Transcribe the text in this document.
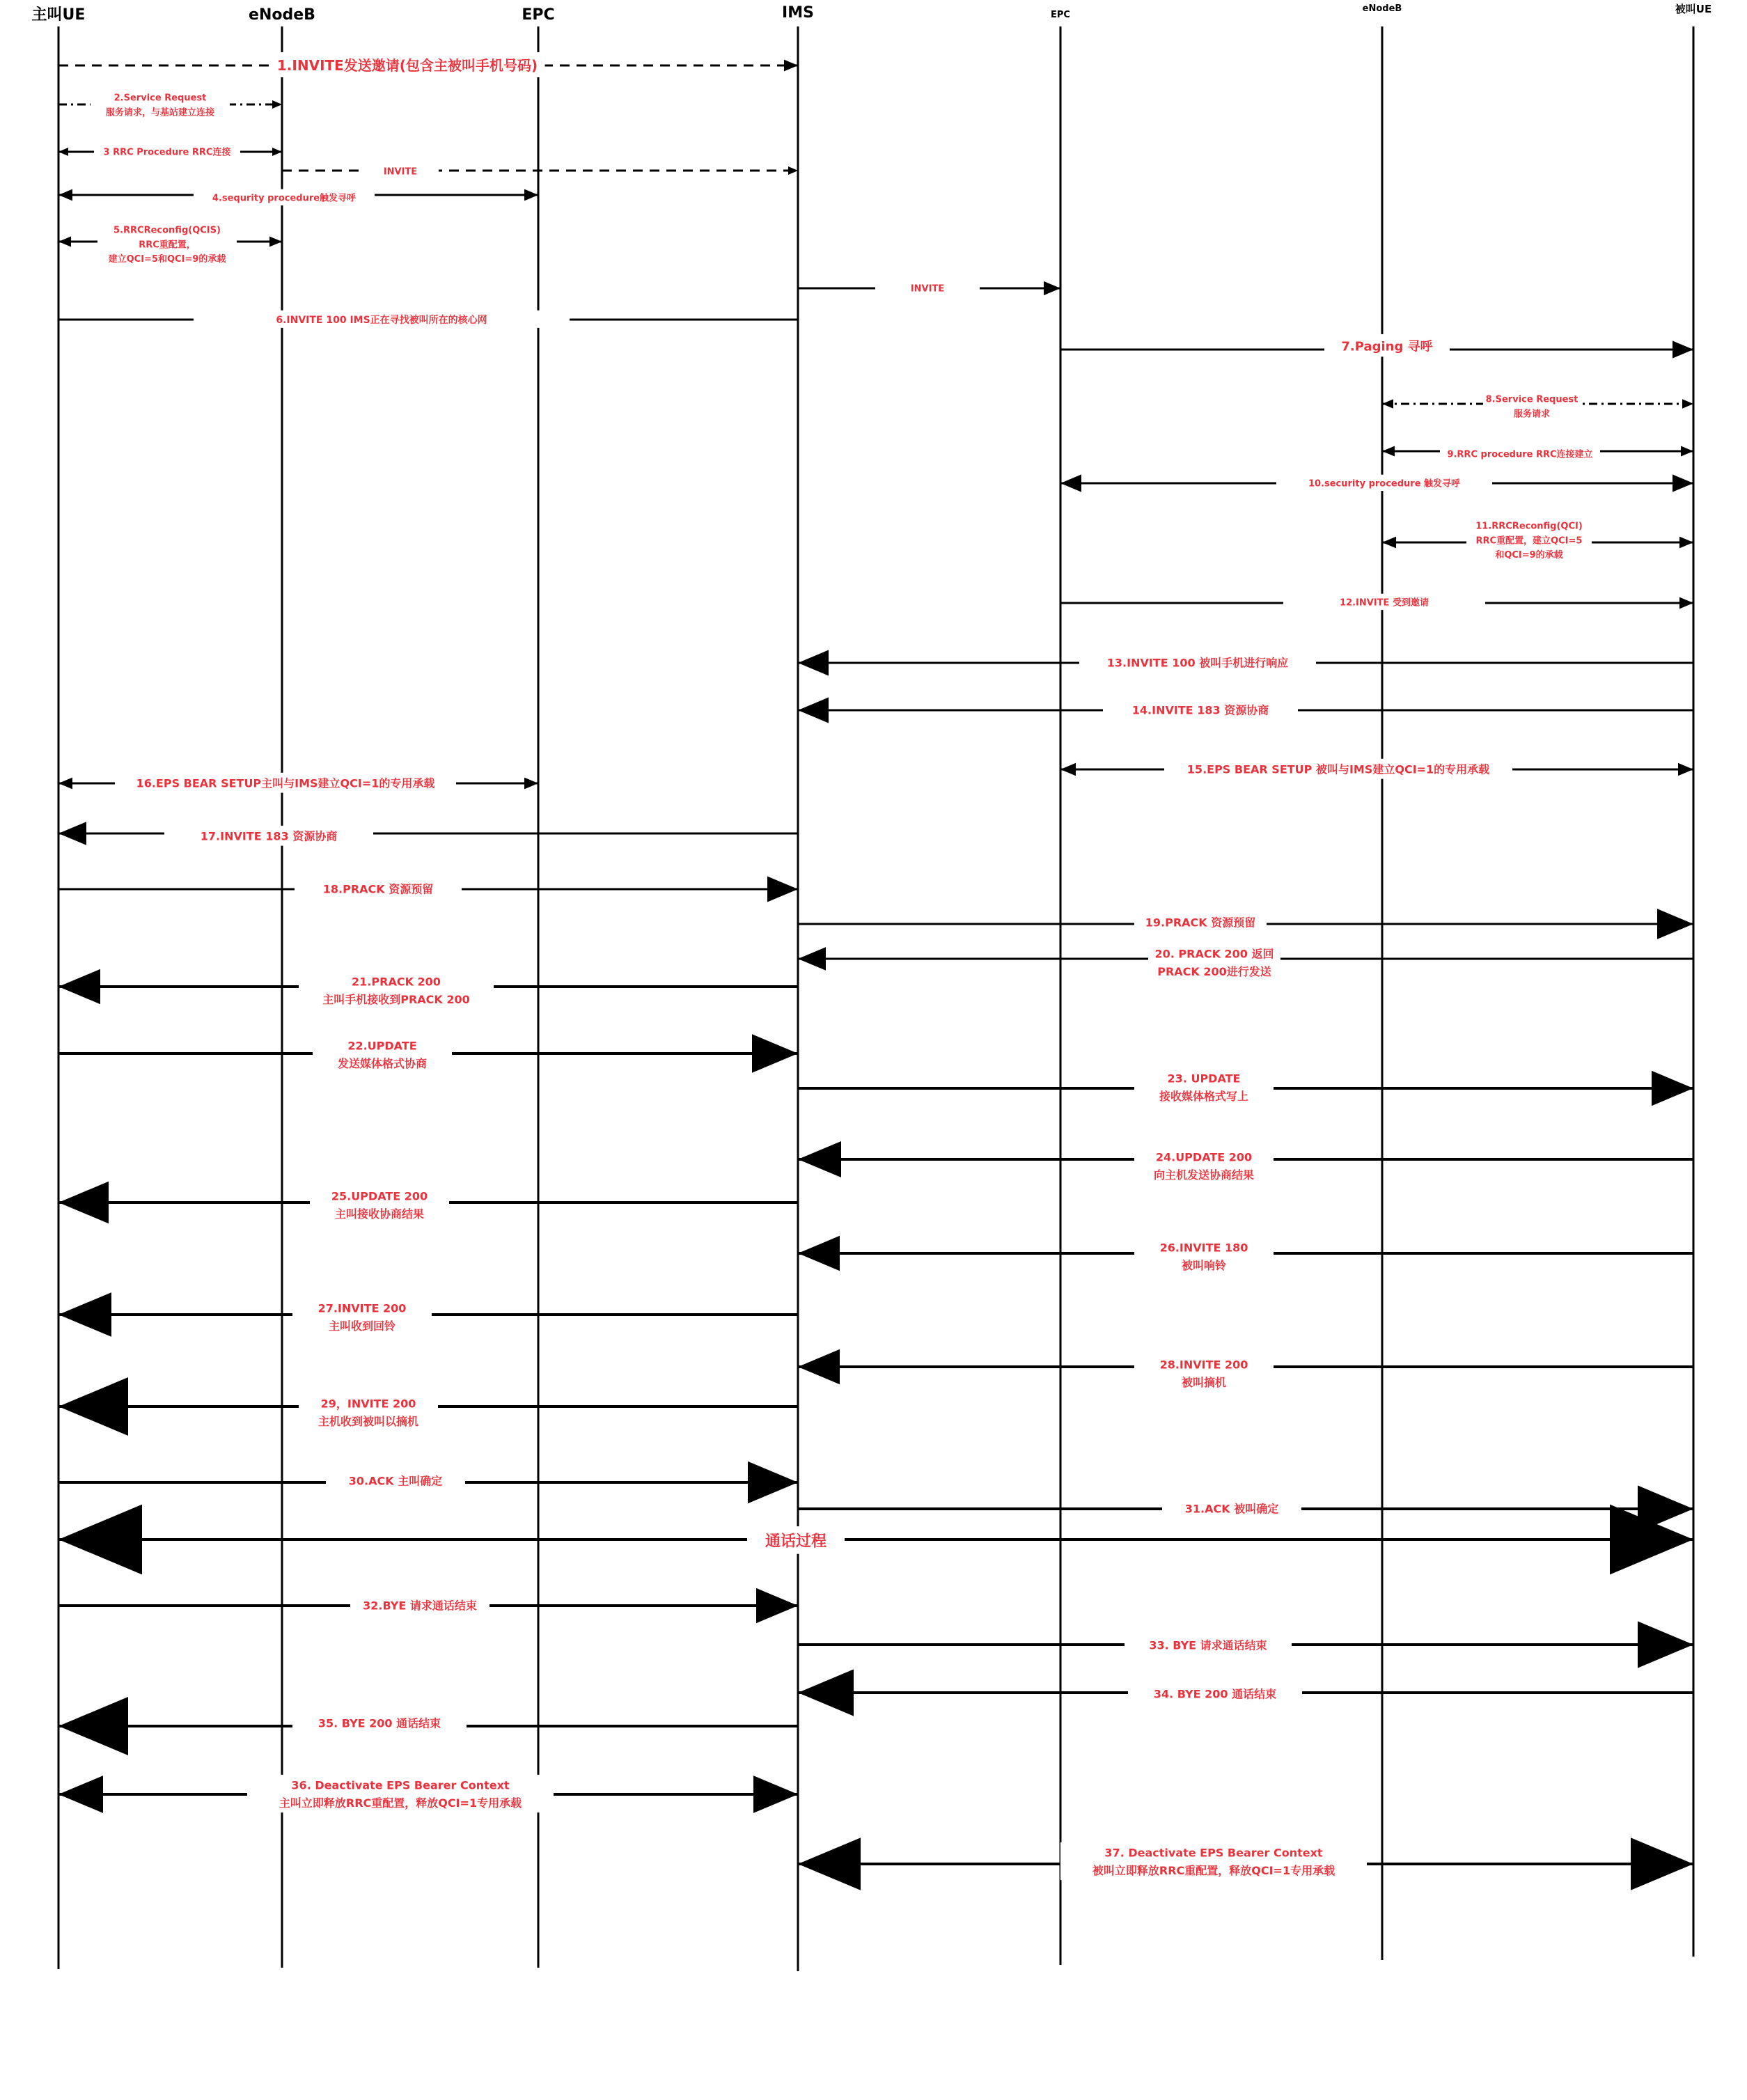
主叫UE	eNodeB	EPC	IMS	EPC
eNodeB	被叫UE
1.INVITE发送邀请(包含主被叫手机号码)
2.Service Request 服务请求，与基站建立连接
3 RRC Procedure RRC连接
INVITE
4.sequrity procedure触发寻呼
5.RRCReconfig(QCIS) RRC重配置，建立QCI=5和QCI=9的承载
INVITE
6.INVITE 100 IMS正在寻找被叫所在的核心网
7.Paging 寻呼
8.Service Request 服务请求
9.RRC procedure RRC连接建立
10.security procedure 触发寻呼
11.RRCReconfig(QCI) RRC重配置，建立QCI=5 和QCI=9的承载
12.INVITE 受到邀请
13.INVITE 100 被叫手机进行响应
14.INVITE 183 资源协商
16.EPS BEAR SETUP主叫与IMS建立QCI=1的专用承载
15.EPS BEAR SETUP 被叫与IMS建立QCI=1的专用承载
17.INVITE 183 资源协商
18.PRACK 资源预留
19.PRACK 资源预留
20. PRACK 200 返回 PRACK 200进行发送
21.PRACK 200 主叫手机接收到PRACK 200
22.UPDATE 发送媒体格式协商
23. UPDATE 接收媒体格式写上
24.UPDATE 200 向主机发送协商结果
25.UPDATE 200 主叫接收协商结果
26.INVITE 180 被叫响铃
27.INVITE 200 主叫收到回铃
28.INVITE 200 被叫摘机
29，INVITE 200 主机收到被叫以摘机
30.ACK 主叫确定
31.ACK 被叫确定
通话过程
32.BYE 请求通话结束
33. BYE 请求通话结束
34. BYE 200 通话结束
35. BYE 200 通话结束
36. Deactivate EPS Bearer Context 主叫立即释放RRC重配置，释放QCI=1专用承载
37. Deactivate EPS Bearer Context 被叫立即释放RRC重配置，释放QCI=1专用承载
